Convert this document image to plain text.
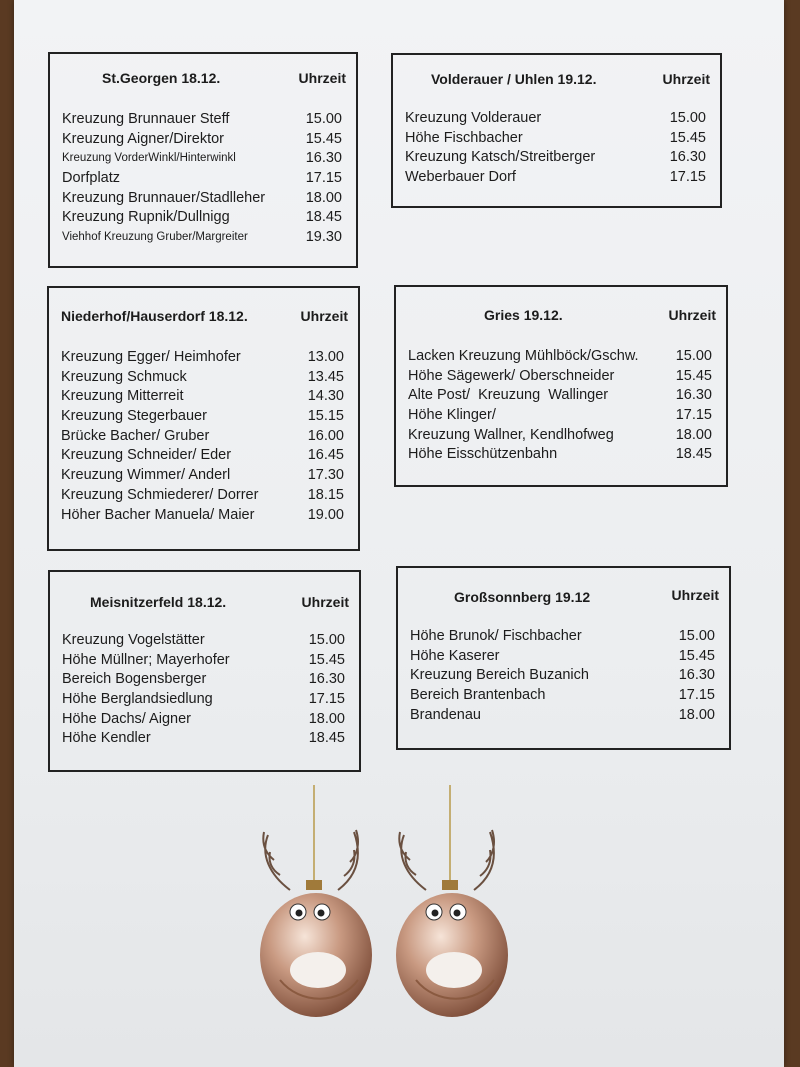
St.Georgen 18.12.	Uhrzeit
Kreuzung Brunnauer Steff	15.00
Kreuzung Aigner/Direktor	15.45
Kreuzung VorderWinkl/Hinterwinkl	16.30
Dorfplatz	17.15
Kreuzung Brunnauer/Stadlleher	18.00
Kreuzung Rupnik/Dullnigg	18.45
Viehhof Kreuzung Gruber/Margreiter	19.30
Volderauer / Uhlen 19.12.	Uhrzeit
Kreuzung Volderauer	15.00
Höhe Fischbacher	15.45
Kreuzung Katsch/Streitberger	16.30
Weberbauer Dorf	17.15
Niederhof/Hauserdorf 18.12.	Uhrzeit
Kreuzung Egger/ Heimhofer	13.00
Kreuzung Schmuck	13.45
Kreuzung Mitterreit	14.30
Kreuzung Stegerbauer	15.15
Brücke Bacher/ Gruber	16.00
Kreuzung Schneider/ Eder	16.45
Kreuzung Wimmer/ Anderl	17.30
Kreuzung Schmiederer/ Dorrer	18.15
Höher Bacher Manuela/ Maier	19.00
Gries 19.12.	Uhrzeit
Lacken Kreuzung Mühlböck/Gschw.	15.00
Höhe Sägewerk/ Oberschneider	15.45
Alte Post/  Kreuzung  Wallinger	16.30
Höhe Klinger/	17.15
Kreuzung Wallner, Kendlhofweg	18.00
Höhe Eisschützenbahn	18.45
Meisnitzerfeld 18.12.	Uhrzeit
Kreuzung Vogelstätter	15.00
Höhe Müllner; Mayerhofer	15.45
Bereich Bogensberger	16.30
Höhe Berglandsiedlung	17.15
Höhe Dachs/ Aigner	18.00
Höhe Kendler	18.45
Großsonnberg 19.12	Uhrzeit
Höhe Brunok/ Fischbacher	15.00
Höhe Kaserer	15.45
Kreuzung Bereich Buzanich	16.30
Bereich Brantenbach	17.15
Brandenau	18.00
